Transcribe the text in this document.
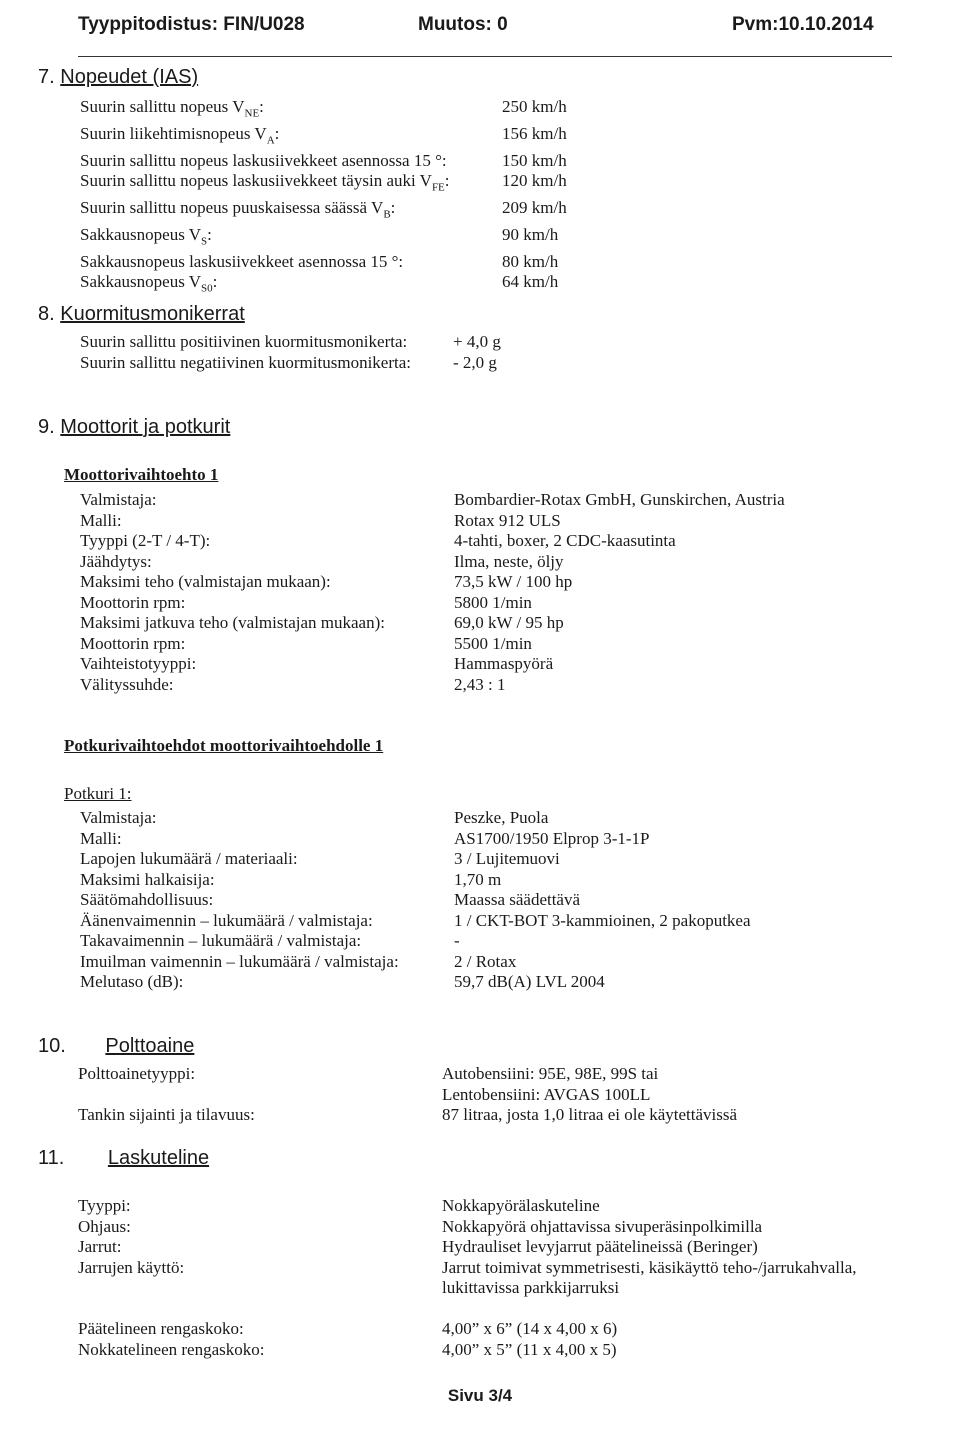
Tyyppitodistus: FIN/U028	Muutos: 0	Pvm:10.10.2014
7. Nopeudet (IAS)
Suurin sallittu nopeus $V_{NE}$:	250 km/h
Suurin liikehtimisnopeus $V_A$:	156 km/h
Suurin sallittu nopeus laskusiivekkeet asennossa 15 °:	150 km/h
Suurin sallittu nopeus laskusiivekkeet täysin auki $V_{FE}$:	120 km/h
Suurin sallittu nopeus puuskaisessa säässä $V_B$:	209 km/h
Sakkausnopeus $V_S$:	90 km/h
Sakkausnopeus laskusiivekkeet asennossa 15 °:	80 km/h
Sakkausnopeus $V_{S0}$:	64 km/h
8. Kuormitusmonikerrat
Suurin sallittu positiivinen kuormitusmonikerta:	+ 4,0 g
Suurin sallittu negatiivinen kuormitusmonikerta:	- 2,0 g
9. Moottorit ja potkurit
Moottorivaihtoehto 1
Valmistaja:	Bombardier-Rotax GmbH, Gunskirchen, Austria
Malli:	Rotax 912 ULS
Tyyppi (2-T / 4-T):	4-tahti, boxer, 2 CDC-kaasutinta
Jäähdytys:	Ilma, neste, öljy
Maksimi teho (valmistajan mukaan):	73,5 kW / 100 hp
Moottorin rpm:	5800 1/min
Maksimi jatkuva teho (valmistajan mukaan):	69,0 kW / 95 hp
Moottorin rpm:	5500 1/min
Vaihteistotyyppi:	Hammaspyörä
Välityssuhde:	2,43 : 1
Potkurivaihtoehdot moottorivaihtoehdolle 1
Potkuri 1:
Valmistaja:	Peszke, Puola
Malli:	AS1700/1950 Elprop 3-1-1P
Lapojen lukumäärä / materiaali:	3 / Lujitemuovi
Maksimi halkaisija:	1,70 m
Säätömahdollisuus:	Maassa säädettävä
Äänenvaimennin – lukumäärä / valmistaja:	1 / CKT-BOT 3-kammioinen, 2 pakoputkea
Takavaimennin – lukumäärä / valmistaja:	-
Imuilman vaimennin – lukumäärä / valmistaja:	2 / Rotax
Melutaso (dB):	59,7 dB(A) LVL 2004
10. Polttoaine
Polttoainetyyppi:	Autobensiini: 95E, 98E, 99S tai

Lentobensiini: AVGAS 100LL
Tankin sijainti ja tilavuus:	87 litraa, josta 1,0 litraa ei ole käytettävissä
11. Laskuteline
Tyyppi:	Nokkapyörälaskuteline
Ohjaus:	Nokkapyörä ohjattavissa sivuperäsinpolkimilla
Jarrut:	Hydrauliset levyjarrut päätelineissä (Beringer)
Jarrujen käyttö:	Jarrut toimivat symmetrisesti, käsikäyttö teho-/jarrukahvalla, lukittavissa parkkijarruksi

Päätelineen rengaskoko:	4,00” x 6” (14 x 4,00 x 6)
Nokkatelineen rengaskoko:	4,00” x 5” (11 x 4,00 x 5)
Sivu 3/4
